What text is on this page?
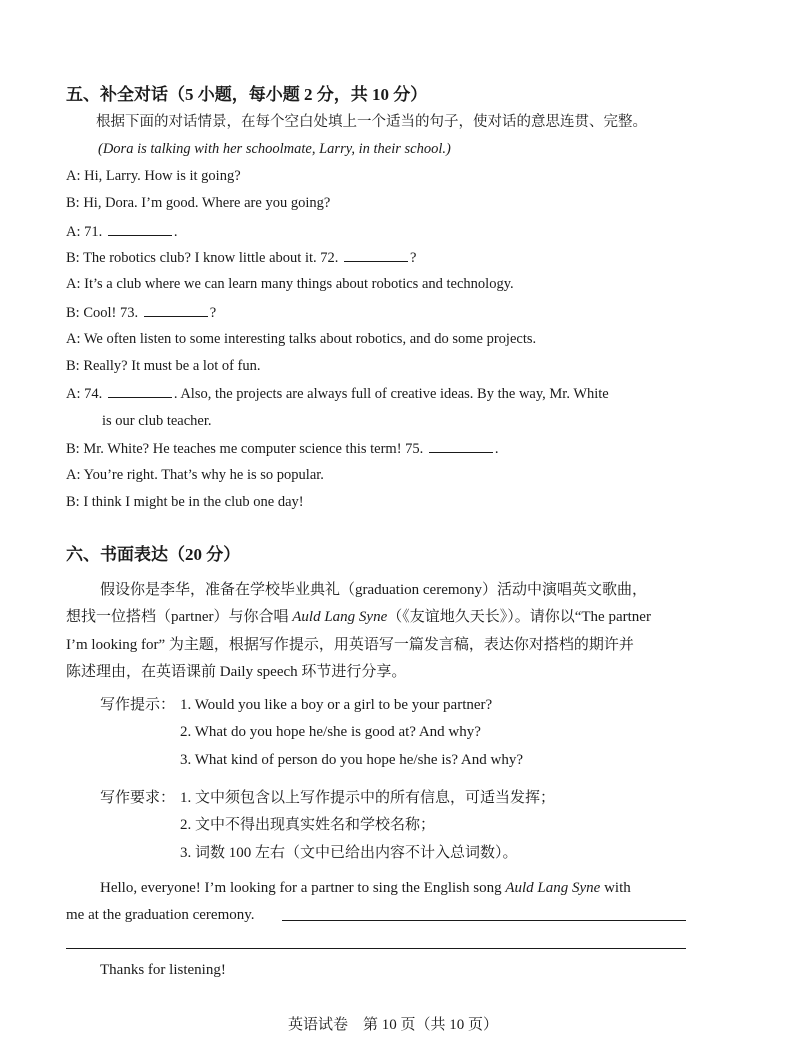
五、补全对话（5 小题，每小题 2 分，共 10 分）
根据下面的对话情景，在每个空白处填上一个适当的句子，使对话的意思连贯、完整。
(Dora is talking with her schoolmate, Larry, in their school.)
A: Hi, Larry. How is it going?
B: Hi, Dora. I’m good. Where are you going?
A: 71.	.
B: The robotics club? I know little about it. 72.	?
A: It’s a club where we can learn many things about robotics and technology.
B: Cool! 73.	?
A: We often listen to some interesting talks about robotics, and do some projects.
B: Really? It must be a lot of fun.
A: 74.	. Also, the projects are always full of creative ideas. By the way, Mr. White
is our club teacher.
B: Mr. White? He teaches me computer science this term! 75.	.
A: You’re right. That’s why he is so popular.
B: I think I might be in the club one day!
六、书面表达（20 分）
假设你是李华，准备在学校毕业典礼（graduation ceremony）活动中演唱英文歌曲，
想找一位搭档（partner）与你合唱 Auld Lang Syne（《友谊地久天长》）。请你以“The partner
I’m looking for” 为主题，根据写作提示，用英语写一篇发言稿，表达你对搭档的期许并
陈述理由，在英语课前 Daily speech 环节进行分享。
写作提示： 1. Would you like a boy or a girl to be your partner?
2. What do you hope he/she is good at? And why?
3. What kind of person do you hope he/she is? And why?
写作要求： 1. 文中须包含以上写作提示中的所有信息，可适当发挥；
2. 文中不得出现真实姓名和学校名称；
3. 词数 100 左右（文中已给出内容不计入总词数）。
Hello, everyone! I’m looking for a partner to sing the English song Auld Lang Syne with
me at the graduation ceremony.
Thanks for listening!
英语试卷　第 10 页（共 10 页）
